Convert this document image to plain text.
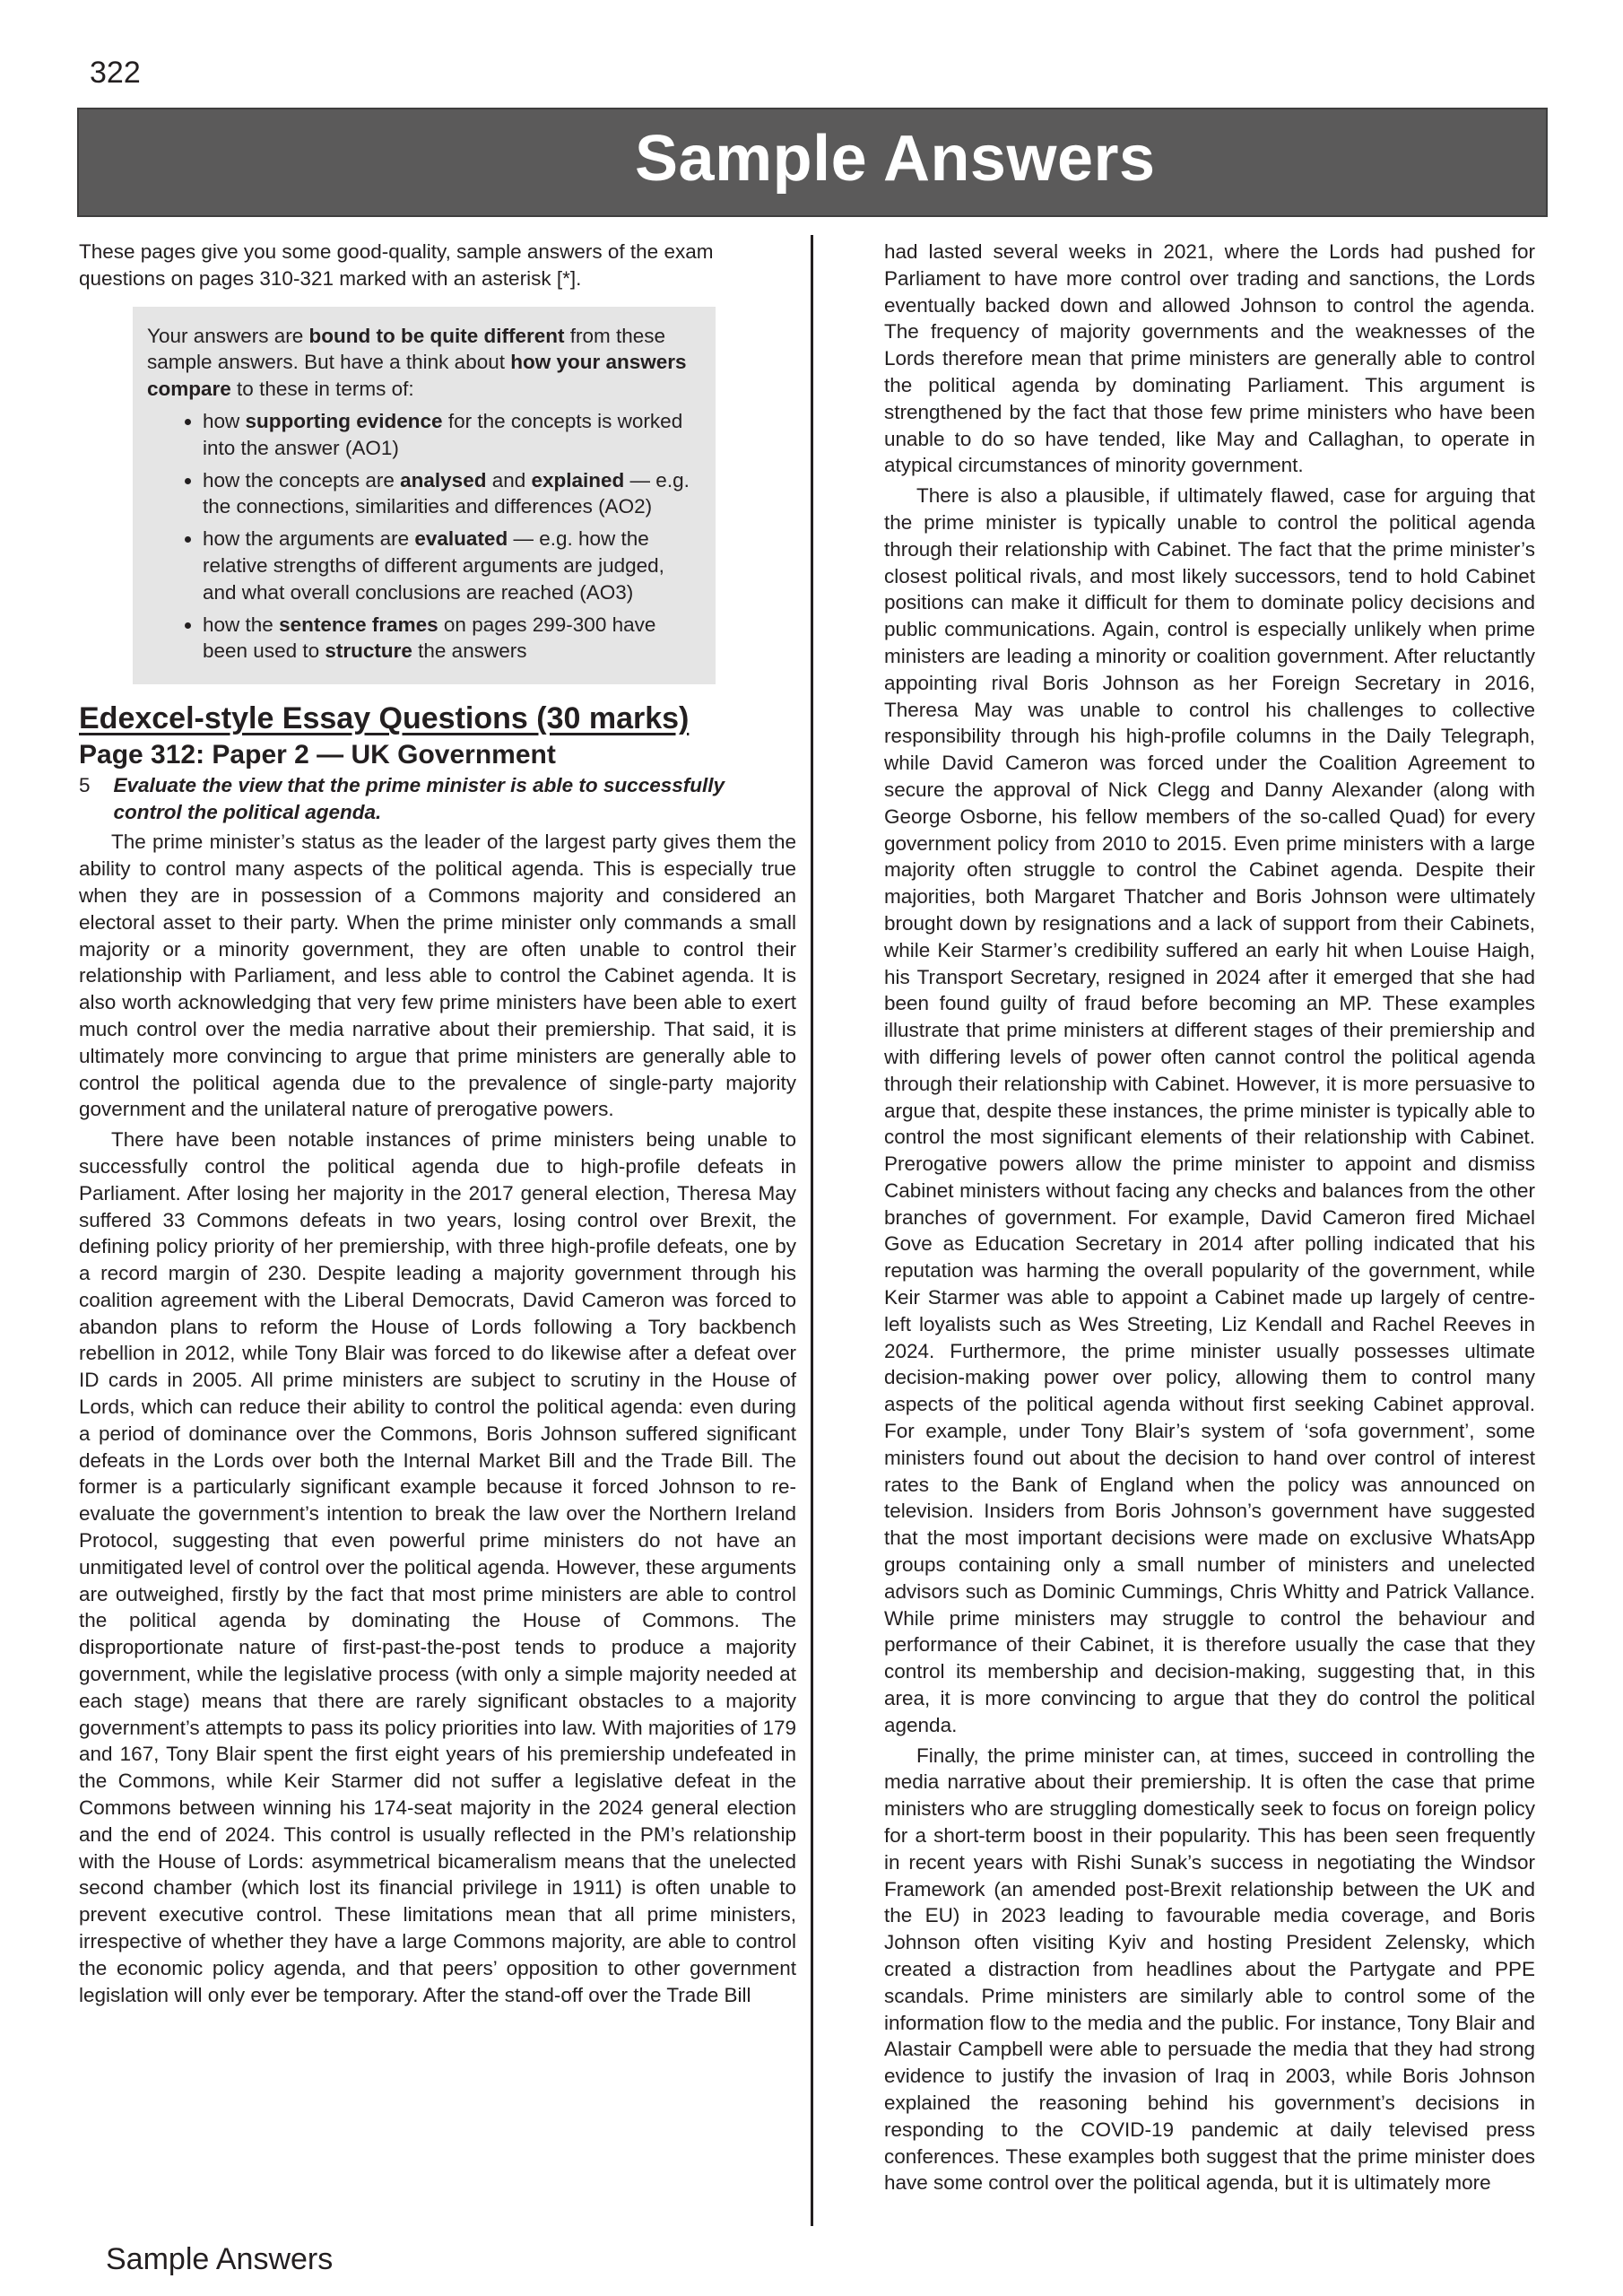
322
Sample Answers

These pages give you some good-quality, sample answers of the exam questions on pages 310-321 marked with an asterisk [*].

Your answers are bound to be quite different from these sample answers. But have a think about how your answers compare to these in terms of:
• how supporting evidence for the concepts is worked into the answer (AO1)
• how the concepts are analysed and explained — e.g. the connections, similarities and differences (AO2)
• how the arguments are evaluated — e.g. how the relative strengths of different arguments are judged, and what overall conclusions are reached (AO3)
• how the sentence frames on pages 299-300 have been used to structure the answers
Edexcel-style Essay Questions (30 marks)
Page 312: Paper 2 — UK Government
5 Evaluate the view that the prime minister is able to successfully control the political agenda.

The prime minister’s status as the leader of the largest party gives them the ability to control many aspects of the political agenda. This is especially true when they are in possession of a Commons majority and considered an electoral asset to their party. When the prime minister only commands a small majority or a minority government, they are often unable to control their relationship with Parliament, and less able to control the Cabinet agenda. It is also worth acknowledging that very few prime ministers have been able to exert much control over the media narrative about their premiership. That said, it is ultimately more convincing to argue that prime ministers are generally able to control the political agenda due to the prevalence of single-party majority government and the unilateral nature of prerogative powers.

There have been notable instances of prime ministers being unable to successfully control the political agenda due to high-profile defeats in Parliament. After losing her majority in the 2017 general election, Theresa May suffered 33 Commons defeats in two years, losing control over Brexit, the defining policy priority of her premiership, with three high-profile defeats, one by a record margin of 230. Despite leading a majority government through his coalition agreement with the Liberal Democrats, David Cameron was forced to abandon plans to reform the House of Lords following a Tory backbench rebellion in 2012, while Tony Blair was forced to do likewise after a defeat over ID cards in 2005. All prime ministers are subject to scrutiny in the House of Lords, which can reduce their ability to control the political agenda: even during a period of dominance over the Commons, Boris Johnson suffered significant defeats in the Lords over both the Internal Market Bill and the Trade Bill. The former is a particularly significant example because it forced Johnson to re-evaluate the government’s intention to break the law over the Northern Ireland Protocol, suggesting that even powerful prime ministers do not have an unmitigated level of control over the political agenda. However, these arguments are outweighed, firstly by the fact that most prime ministers are able to control the political agenda by dominating the House of Commons. The disproportionate nature of first-past-the-post tends to produce a majority government, while the legislative process (with only a simple majority needed at each stage) means that there are rarely significant obstacles to a majority government’s attempts to pass its policy priorities into law. With majorities of 179 and 167, Tony Blair spent the first eight years of his premiership undefeated in the Commons, while Keir Starmer did not suffer a legislative defeat in the Commons between winning his 174-seat majority in the 2024 general election and the end of 2024. This control is usually reflected in the PM’s relationship with the House of Lords: asymmetrical bicameralism means that the unelected second chamber (which lost its financial privilege in 1911) is often unable to prevent executive control. These limitations mean that all prime ministers, irrespective of whether they have a large Commons majority, are able to control the economic policy agenda, and that peers’ opposition to other government legislation will only ever be temporary. After the stand-off over the Trade Bill

had lasted several weeks in 2021, where the Lords had pushed for Parliament to have more control over trading and sanctions, the Lords eventually backed down and allowed Johnson to control the agenda. The frequency of majority governments and the weaknesses of the Lords therefore mean that prime ministers are generally able to control the political agenda by dominating Parliament. This argument is strengthened by the fact that those few prime ministers who have been unable to do so have tended, like May and Callaghan, to operate in atypical circumstances of minority government.

There is also a plausible, if ultimately flawed, case for arguing that the prime minister is typically unable to control the political agenda through their relationship with Cabinet. The fact that the prime minister’s closest political rivals, and most likely successors, tend to hold Cabinet positions can make it difficult for them to dominate policy decisions and public communications. Again, control is especially unlikely when prime ministers are leading a minority or coalition government. After reluctantly appointing rival Boris Johnson as her Foreign Secretary in 2016, Theresa May was unable to control his challenges to collective responsibility through his high-profile columns in the Daily Telegraph, while David Cameron was forced under the Coalition Agreement to secure the approval of Nick Clegg and Danny Alexander (along with George Osborne, his fellow members of the so-called Quad) for every government policy from 2010 to 2015. Even prime ministers with a large majority often struggle to control the Cabinet agenda. Despite their majorities, both Margaret Thatcher and Boris Johnson were ultimately brought down by resignations and a lack of support from their Cabinets, while Keir Starmer’s credibility suffered an early hit when Louise Haigh, his Transport Secretary, resigned in 2024 after it emerged that she had been found guilty of fraud before becoming an MP. These examples illustrate that prime ministers at different stages of their premiership and with differing levels of power often cannot control the political agenda through their relationship with Cabinet. However, it is more persuasive to argue that, despite these instances, the prime minister is typically able to control the most significant elements of their relationship with Cabinet. Prerogative powers allow the prime minister to appoint and dismiss Cabinet ministers without facing any checks and balances from the other branches of government. For example, David Cameron fired Michael Gove as Education Secretary in 2014 after polling indicated that his reputation was harming the overall popularity of the government, while Keir Starmer was able to appoint a Cabinet made up largely of centre-left loyalists such as Wes Streeting, Liz Kendall and Rachel Reeves in 2024. Furthermore, the prime minister usually possesses ultimate decision-making power over policy, allowing them to control many aspects of the political agenda without first seeking Cabinet approval. For example, under Tony Blair’s system of ‘sofa government’, some ministers found out about the decision to hand over control of interest rates to the Bank of England when the policy was announced on television. Insiders from Boris Johnson’s government have suggested that the most important decisions were made on exclusive WhatsApp groups containing only a small number of ministers and unelected advisors such as Dominic Cummings, Chris Whitty and Patrick Vallance. While prime ministers may struggle to control the behaviour and performance of their Cabinet, it is therefore usually the case that they control its membership and decision-making, suggesting that, in this area, it is more convincing to argue that they do control the political agenda.

Finally, the prime minister can, at times, succeed in controlling the media narrative about their premiership. It is often the case that prime ministers who are struggling domestically seek to focus on foreign policy for a short-term boost in their popularity. This has been seen frequently in recent years with Rishi Sunak’s success in negotiating the Windsor Framework (an amended post-Brexit relationship between the UK and the EU) in 2023 leading to favourable media coverage, and Boris Johnson often visiting Kyiv and hosting President Zelensky, which created a distraction from headlines about the Partygate and PPE scandals. Prime ministers are similarly able to control some of the information flow to the media and the public. For instance, Tony Blair and Alastair Campbell were able to persuade the media that they had strong evidence to justify the invasion of Iraq in 2003, while Boris Johnson explained the reasoning behind his government’s decisions in responding to the COVID-19 pandemic at daily televised press conferences. These examples both suggest that the prime minister does have some control over the political agenda, but it is ultimately more

Sample Answers
